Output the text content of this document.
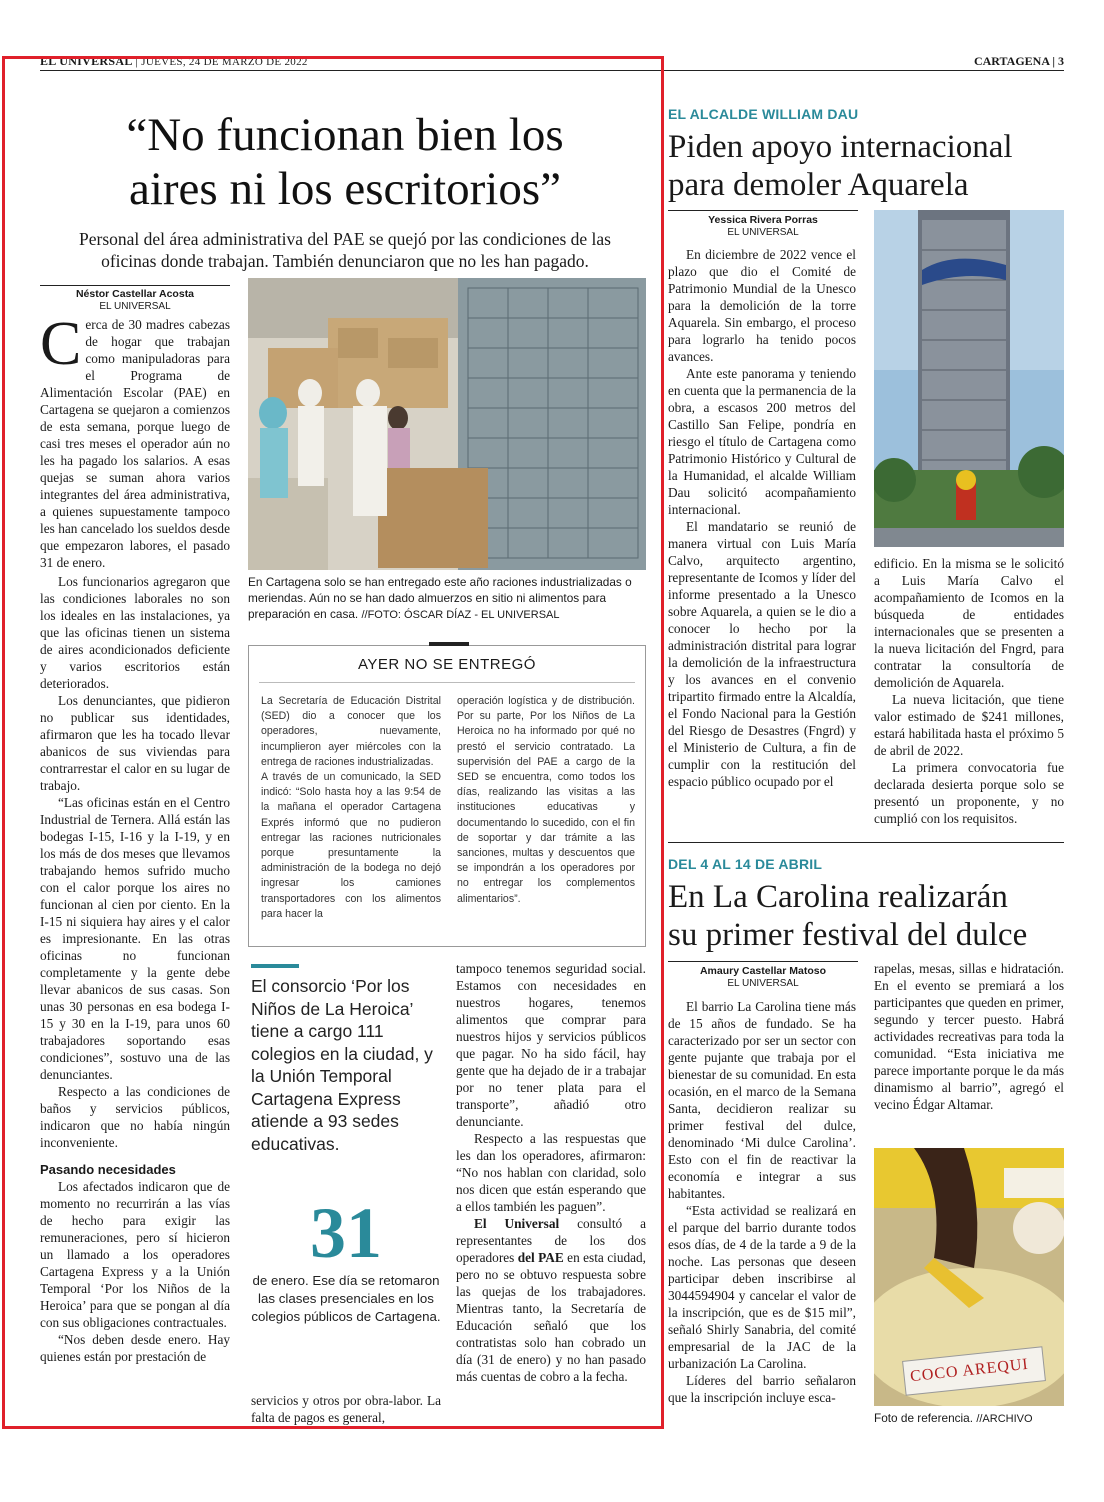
EL UNIVERSAL | JUEVES, 24 DE MARZO DE 2022	CARTAGENA | 3
“No funcionan bien los
aires ni los escritorios”
Personal del área administrativa del PAE se quejó por las condiciones de las
oficinas donde trabajan. También denunciaron que no les han pagado.
Néstor Castellar Acosta
EL UNIVERSAL

Cerca de 30 madres cabezas de hogar que trabajan como manipuladoras para el Programa de Alimentación Escolar (PAE) en Cartagena se quejaron a comienzos de esta semana, porque luego de casi tres meses el operador aún no les ha pagado los salarios. A esas quejas se suman ahora varios integrantes del área administrativa, a quienes supuestamente tampoco les han cancelado los sueldos desde que empezaron labores, el pasado 31 de enero.

Los funcionarios agregaron que las condiciones laborales no son los ideales en las instalaciones, ya que las oficinas tienen un sistema de aires acondicionados deficiente y varios escritorios están deteriorados.

Los denunciantes, que pidieron no publicar sus identidades, afirmaron que les ha tocado llevar abanicos de sus viviendas para contrarrestar el calor en su lugar de trabajo.

“Las oficinas están en el Centro Industrial de Ternera. Allá están las bodegas I-15, I-16 y la I-19, y en los más de dos meses que llevamos trabajando hemos sufrido mucho con el calor porque los aires no funcionan al cien por ciento. En la I-15 ni siquiera hay aires y el calor es impresionante. En las otras oficinas no funcionan completamente y la gente debe llevar abanicos de sus casas. Son unas 30 personas en esa bodega I-15 y 30 en la I-19, para unos 60 trabajadores soportando esas condiciones”, sostuvo una de las denunciantes.

Respecto a las condiciones de baños y servicios públicos, indicaron que no había ningún inconveniente.

Pasando necesidades

Los afectados indicaron que de momento no recurrirán a las vías de hecho para exigir las remuneraciones, pero sí hicieron un llamado a los operadores Cartagena Express y a la Unión Temporal ‘Por los Niños de la Heroica’ para que se pongan al día con sus obligaciones contractuales.

“Nos deben desde enero. Hay quienes están por prestación de

En Cartagena solo se han entregado este año raciones industrializadas o meriendas. Aún no se han dado almuerzos en sitio ni alimentos para preparación en casa. //FOTO: ÓSCAR DÍAZ - EL UNIVERSAL
AYER NO SE ENTREGÓ

La Secretaría de Educación Distrital (SED) dio a conocer que los operadores, nuevamente, incumplieron ayer miércoles con la entrega de raciones industrializadas.

A través de un comunicado, la SED indicó: “Solo hasta hoy a las 9:54 de la mañana el operador Cartagena Exprés informó que no pudieron entregar las raciones nutricionales porque presuntamente la administración de la bodega no dejó ingresar los camiones transportadores con los alimentos para hacer la

operación logística y de distribución. Por su parte, Por los Niños de La Heroica no ha informado por qué no prestó el servicio contratado. La supervisión del PAE a cargo de la SED se encuentra, como todos los días, realizando las visitas a las instituciones educativas y documentando lo sucedido, con el fin de soportar y dar trámite a las sanciones, multas y descuentos que se impondrán a los operadores por no entregar los complementos alimentarios”.

El consorcio ‘Por los Niños de La Heroica’ tiene a cargo 111 colegios en la ciudad, y la Unión Temporal Cartagena Express atiende a 93 sedes educativas.
31
de enero. Ese día se retomaron las clases presenciales en los colegios públicos de Cartagena.

servicios y otros por obra-labor. La falta de pagos es general,

tampoco tenemos seguridad social. Estamos con necesidades en nuestros hogares, tenemos alimentos que comprar para nuestros hijos y servicios públicos que pagar. No ha sido fácil, hay gente que ha dejado de ir a trabajar por no tener plata para el transporte”, añadió otro denunciante.

Respecto a las respuestas que les dan los operadores, afirmaron: “No nos hablan con claridad, solo nos dicen que están esperando que a ellos también les paguen”.

El Universal consultó a representantes de los dos operadores del PAE en esta ciudad, pero no se obtuvo respuesta sobre las quejas de los trabajadores. Mientras tanto, la Secretaría de Educación señaló que los contratistas solo han cobrado un día (31 de enero) y no han pasado más cuentas de cobro a la fecha.

EL ALCALDE WILLIAM DAU
Piden apoyo internacional
para demoler Aquarela
Yessica Rivera Porras
EL UNIVERSAL

En diciembre de 2022 vence el plazo que dio el Comité de Patrimonio Mundial de la Unesco para la demolición de la torre Aquarela. Sin embargo, el proceso para lograrlo ha tenido pocos avances.

Ante este panorama y teniendo en cuenta que la permanencia de la obra, a escasos 200 metros del Castillo San Felipe, pondría en riesgo el título de Cartagena como Patrimonio Histórico y Cultural de la Humanidad, el alcalde William Dau solicitó acompañamiento internacional.

El mandatario se reunió de manera virtual con Luis María Calvo, arquitecto argentino, representante de Icomos y líder del informe presentado a la Unesco sobre Aquarela, a quien se le dio a conocer lo hecho por la administración distrital para lograr la demolición de la infraestructura y los avances en el convenio tripartito firmado entre la Alcaldía, el Fondo Nacional para la Gestión del Riesgo de Desastres (Fngrd) y el Ministerio de Cultura, a fin de cumplir con la restitución del espacio público ocupado por el

edificio. En la misma se le solicitó a Luis María Calvo el acompañamiento de Icomos en la búsqueda de entidades internacionales que se presenten a la nueva licitación del Fngrd, para contratar la consultoría de demolición de Aquarela.

La nueva licitación, que tiene valor estimado de $241 millones, estará habilitada hasta el próximo 5 de abril de 2022.

La primera convocatoria fue declarada desierta porque solo se presentó un proponente, y no cumplió con los requisitos.

DEL 4 AL 14 DE ABRIL
En La Carolina realizarán
su primer festival del dulce
Amaury Castellar Matoso
EL UNIVERSAL

El barrio La Carolina tiene más de 15 años de fundado. Se ha caracterizado por ser un sector con gente pujante que trabaja por el bienestar de su comunidad. En esta ocasión, en el marco de la Semana Santa, decidieron realizar su primer festival del dulce, denominado ‘Mi dulce Carolina’. Esto con el fin de reactivar la economía e integrar a sus habitantes.

“Esta actividad se realizará en el parque del barrio durante todos esos días, de 4 de la tarde a 9 de la noche. Las personas que deseen participar deben inscribirse al 3044594904 y cancelar el valor de la inscripción, que es de $15 mil”, señaló Shirly Sanabria, del comité empresarial de la JAC de la urbanización La Carolina.

Líderes del barrio señalaron que la inscripción incluye esca-

rapelas, mesas, sillas e hidratación. En el evento se premiará a los participantes que queden en primer, segundo y tercer puesto. Habrá actividades recreativas para toda la comunidad. “Esta iniciativa me parece importante porque le da más dinamismo al barrio”, agregó el vecino Édgar Altamar.

COCO AREQUI
Foto de referencia. //ARCHIVO
